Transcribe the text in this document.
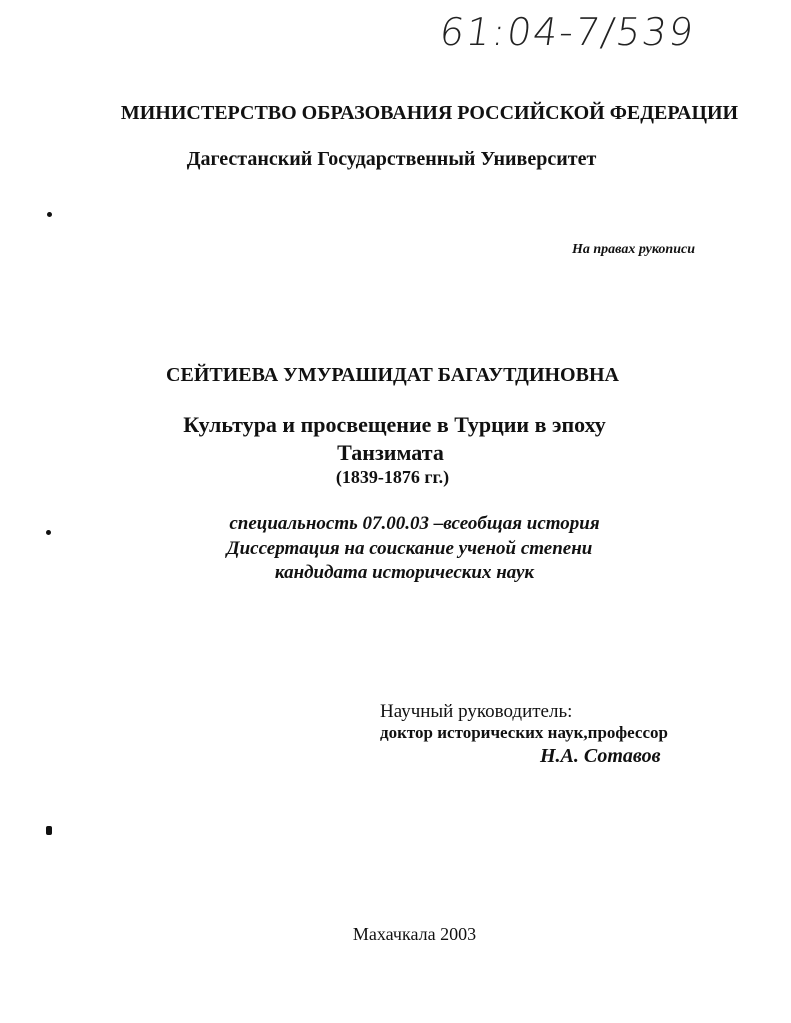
61:04-7/539
МИНИСТЕРСТВО ОБРАЗОВАНИЯ РОССИЙСКОЙ ФЕДЕРАЦИИ
Дагестанский Государственный Университет
На правах рукописи
СЕЙТИЕВА УМУРАШИДАТ БАГАУТДИНОВНА
Культура и просвещение в Турции в эпоху
Танзимата
(1839-1876 гг.)
специальность 07.00.03 –всеобщая история
Диссертация на соискание ученой степени
кандидата исторических наук
Научный руководитель:
доктор исторических наук,профессор
Н.А. Сотавов
Махачкала 2003
